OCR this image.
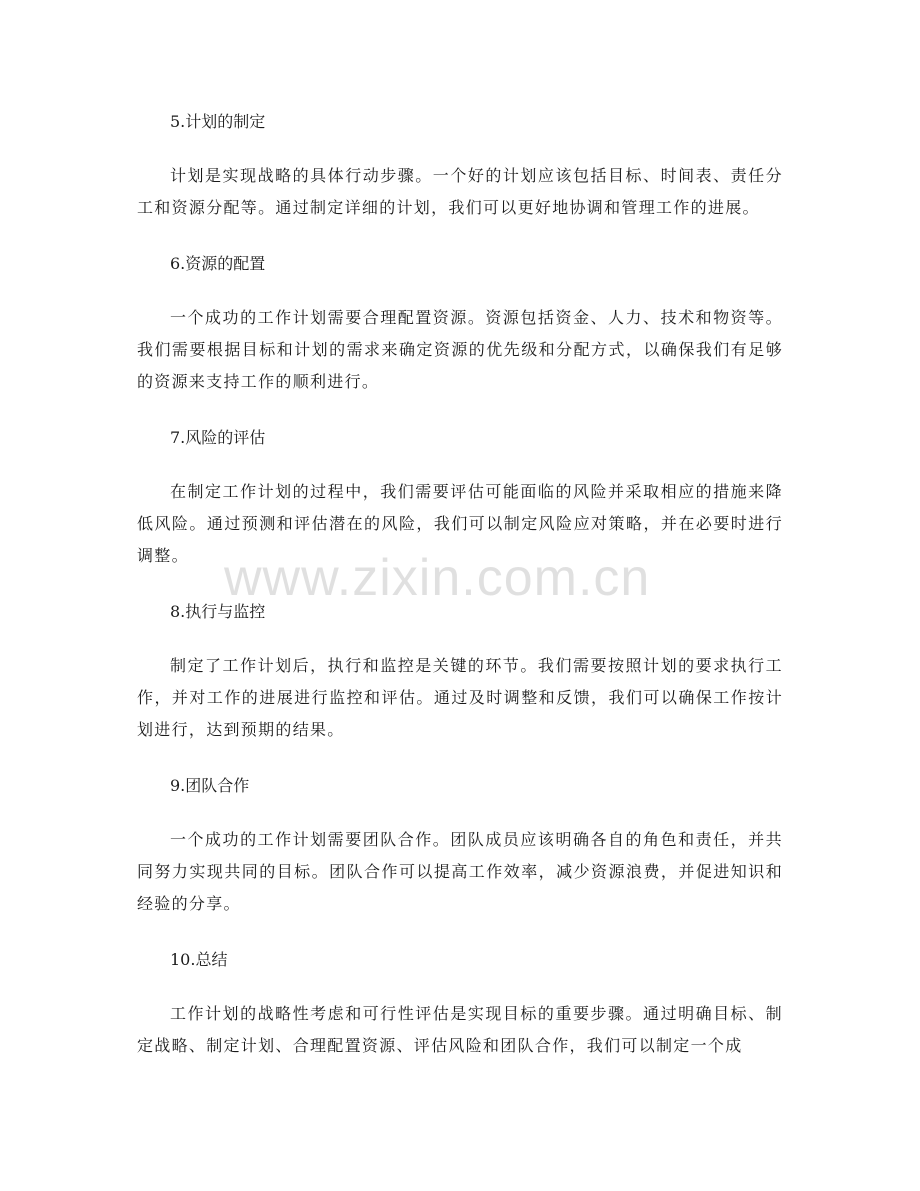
5.计划的制定

计划是实现战略的具体行动步骤。一个好的计划应该包括目标、时间表、责任分工和资源分配等。通过制定详细的计划，我们可以更好地协调和管理工作的进展。

6.资源的配置

一个成功的工作计划需要合理配置资源。资源包括资金、人力、技术和物资等。我们需要根据目标和计划的需求来确定资源的优先级和分配方式，以确保我们有足够的资源来支持工作的顺利进行。

7.风险的评估

在制定工作计划的过程中，我们需要评估可能面临的风险并采取相应的措施来降低风险。通过预测和评估潜在的风险，我们可以制定风险应对策略，并在必要时进行调整。

8.执行与监控

制定了工作计划后，执行和监控是关键的环节。我们需要按照计划的要求执行工作，并对工作的进展进行监控和评估。通过及时调整和反馈，我们可以确保工作按计划进行，达到预期的结果。

9.团队合作

一个成功的工作计划需要团队合作。团队成员应该明确各自的角色和责任，并共同努力实现共同的目标。团队合作可以提高工作效率，减少资源浪费，并促进知识和经验的分享。

10.总结

工作计划的战略性考虑和可行性评估是实现目标的重要步骤。通过明确目标、制定战略、制定计划、合理配置资源、评估风险和团队合作，我们可以制定一个成

www.zixin.com.cn
